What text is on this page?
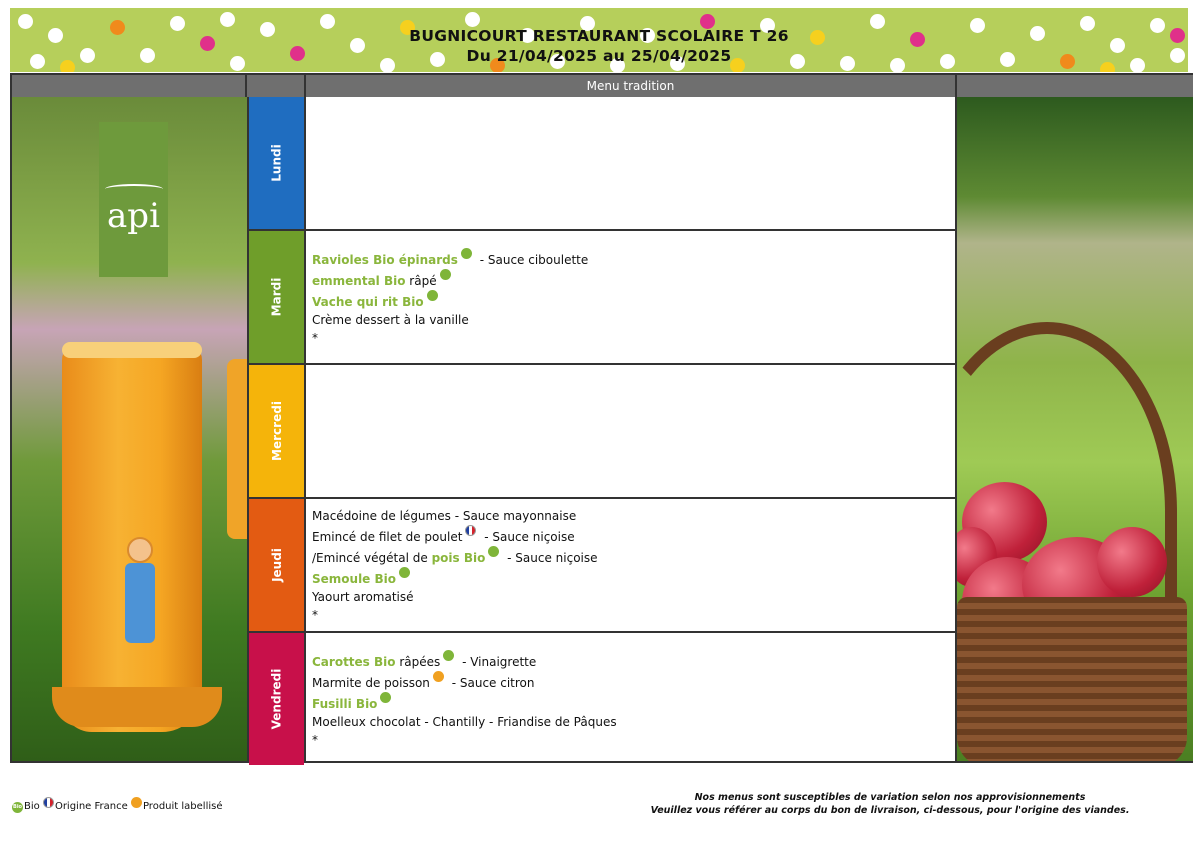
BUGNICOURT RESTAURANT SCOLAIRE T 26
Du 21/04/2025 au 25/04/2025
Menu tradition
api
Lundi
Mardi
Mercredi
Jeudi
Vendredi
Ravioles Bio épinards - Sauce ciboulette
emmental Bio râpé
Vache qui rit Bio
Crème dessert à la vanille
*
Macédoine de légumes - Sauce mayonnaise
Emincé de filet de poulet - Sauce niçoise
/Emincé végétal de pois Bio - Sauce niçoise
Semoule Bio
Yaourt aromatisé
*
Carottes Bio râpées - Vinaigrette
Marmite de poisson - Sauce citron
Fusilli Bio
Moelleux chocolat - Chantilly - Friandise de Pâques
*
Bio Bio Origine France Produit labellisé
Nos menus sont susceptibles de variation selon nos approvisionnements
Veuillez vous référer au corps du bon de livraison, ci-dessous, pour l'origine des viandes.
